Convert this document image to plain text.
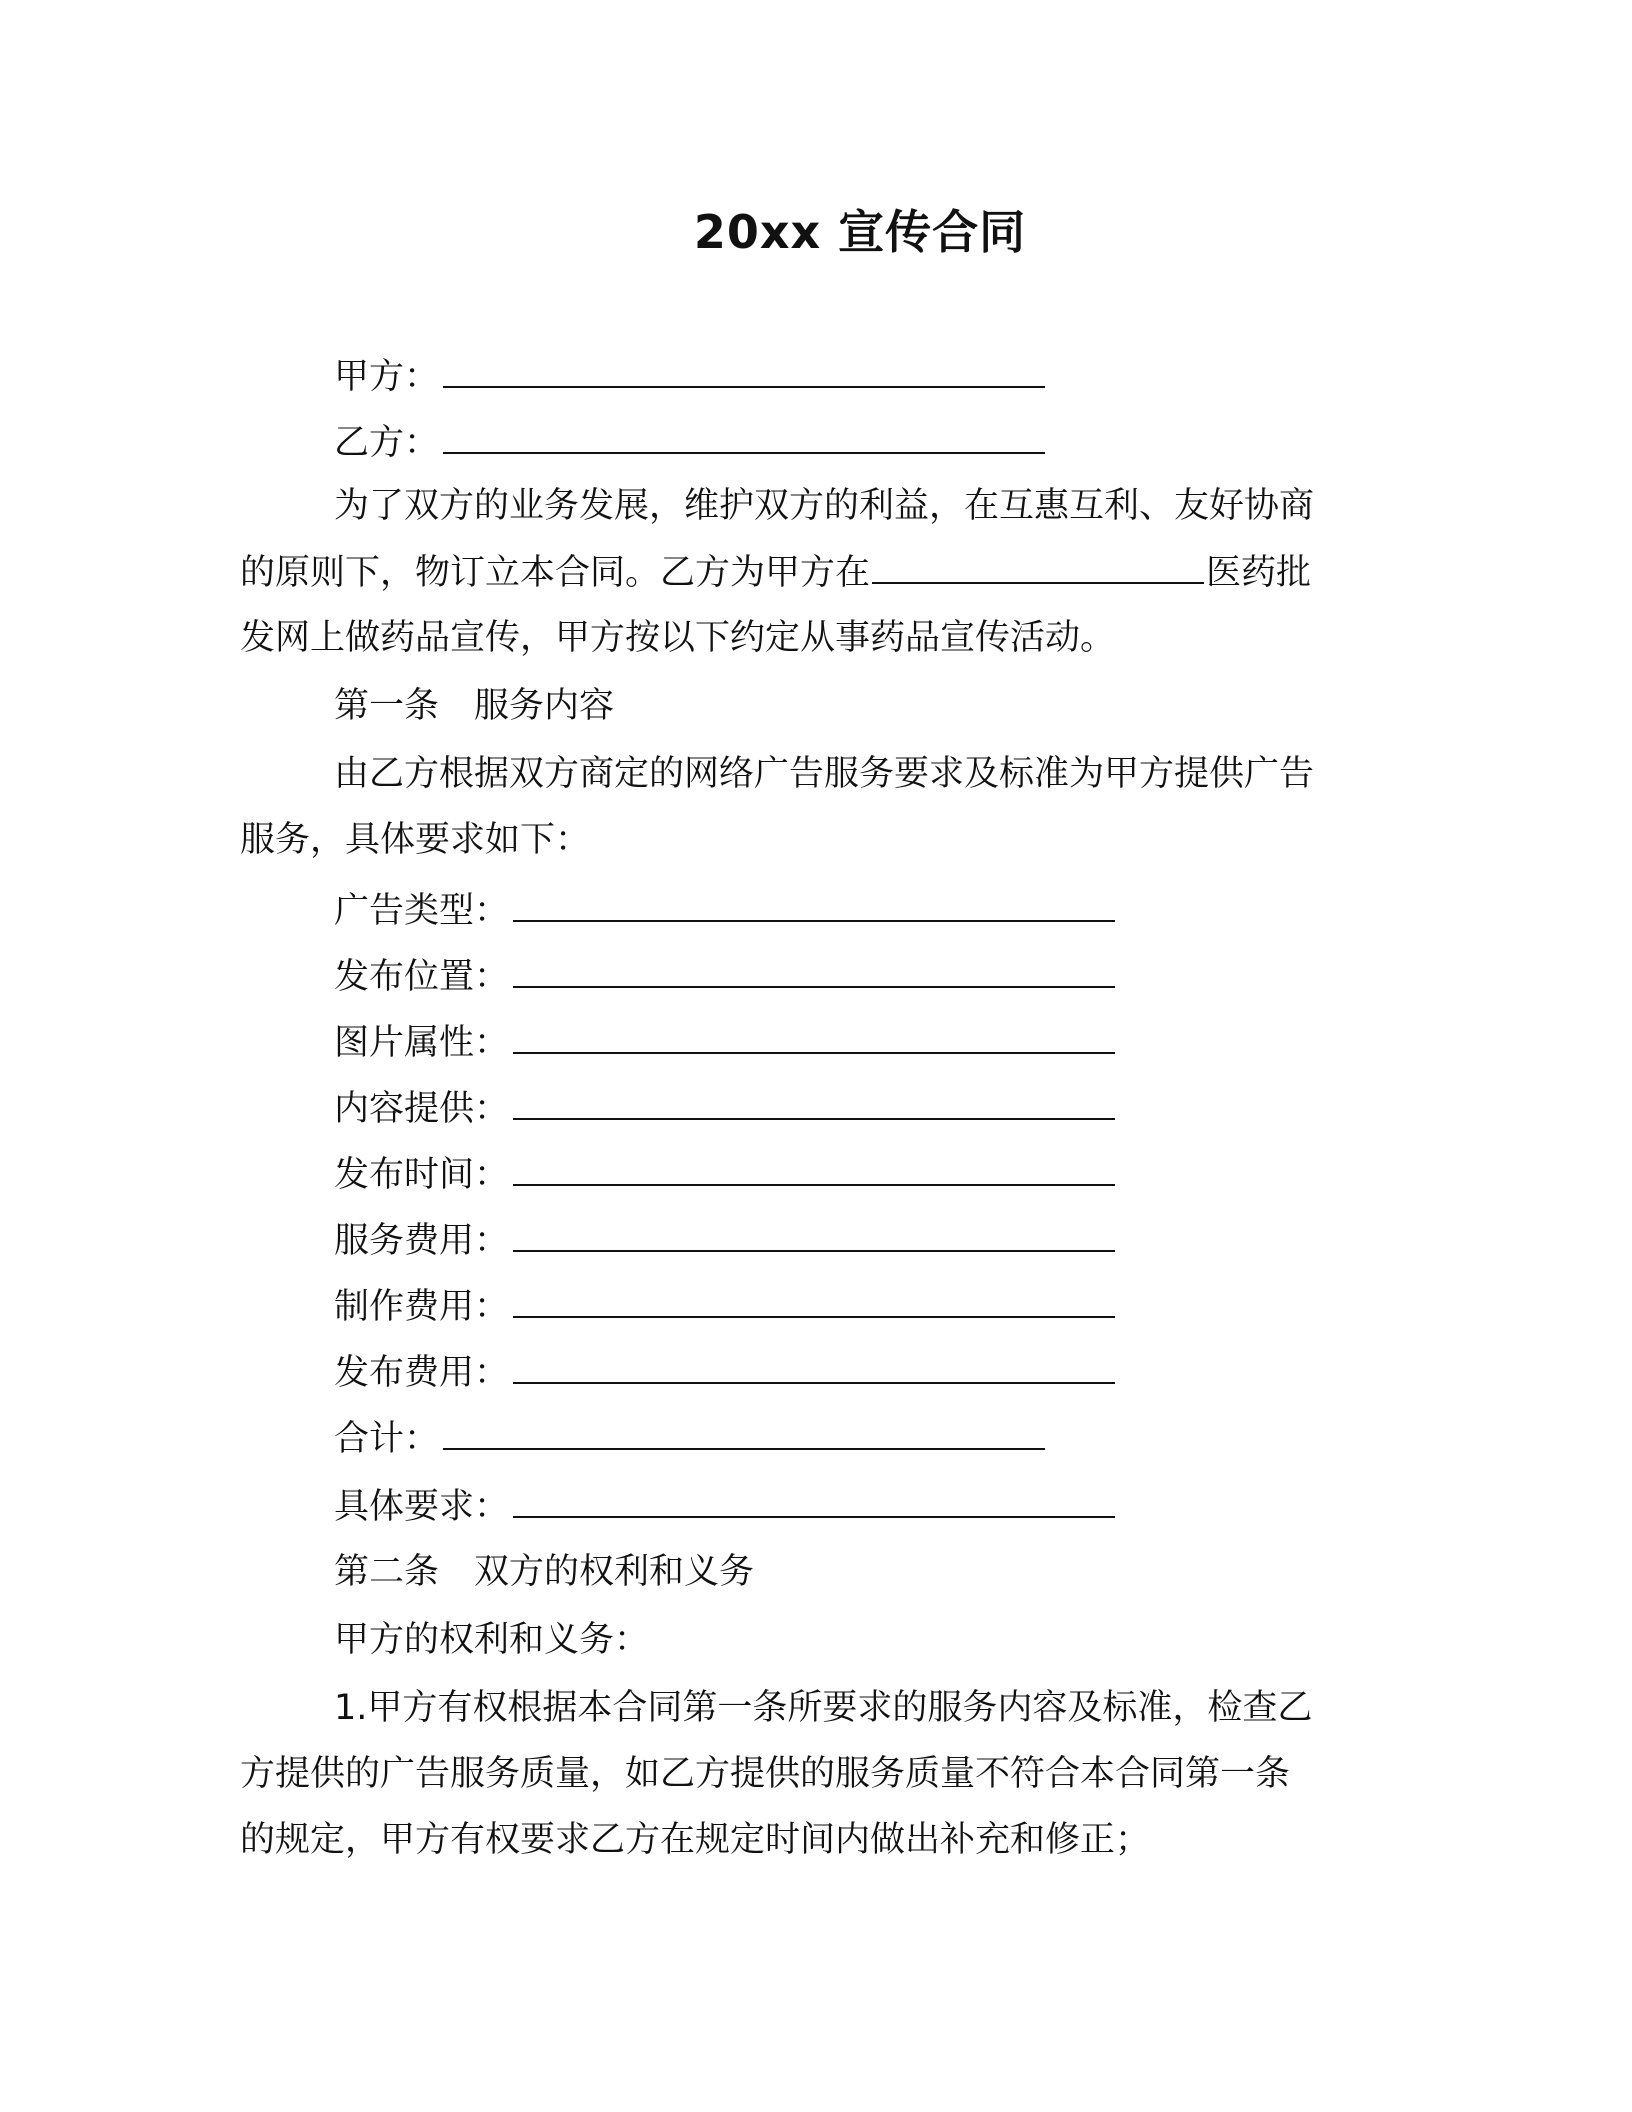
20xx 宣传合同
甲方：
乙方：
为了双方的业务发展，维护双方的利益，在互惠互利、友好协商
的原则下，物订立本合同。乙方为甲方在	医药批
发网上做药品宣传，甲方按以下约定从事药品宣传活动。
第一条　服务内容
由乙方根据双方商定的网络广告服务要求及标准为甲方提供广告
服务，具体要求如下：
广告类型：
发布位置：
图片属性：
内容提供：
发布时间：
服务费用：
制作费用：
发布费用：
合计：
具体要求：
第二条　双方的权利和义务
甲方的权利和义务：
1.甲方有权根据本合同第一条所要求的服务内容及标准，检查乙
方提供的广告服务质量，如乙方提供的服务质量不符合本合同第一条
的规定，甲方有权要求乙方在规定时间内做出补充和修正；
